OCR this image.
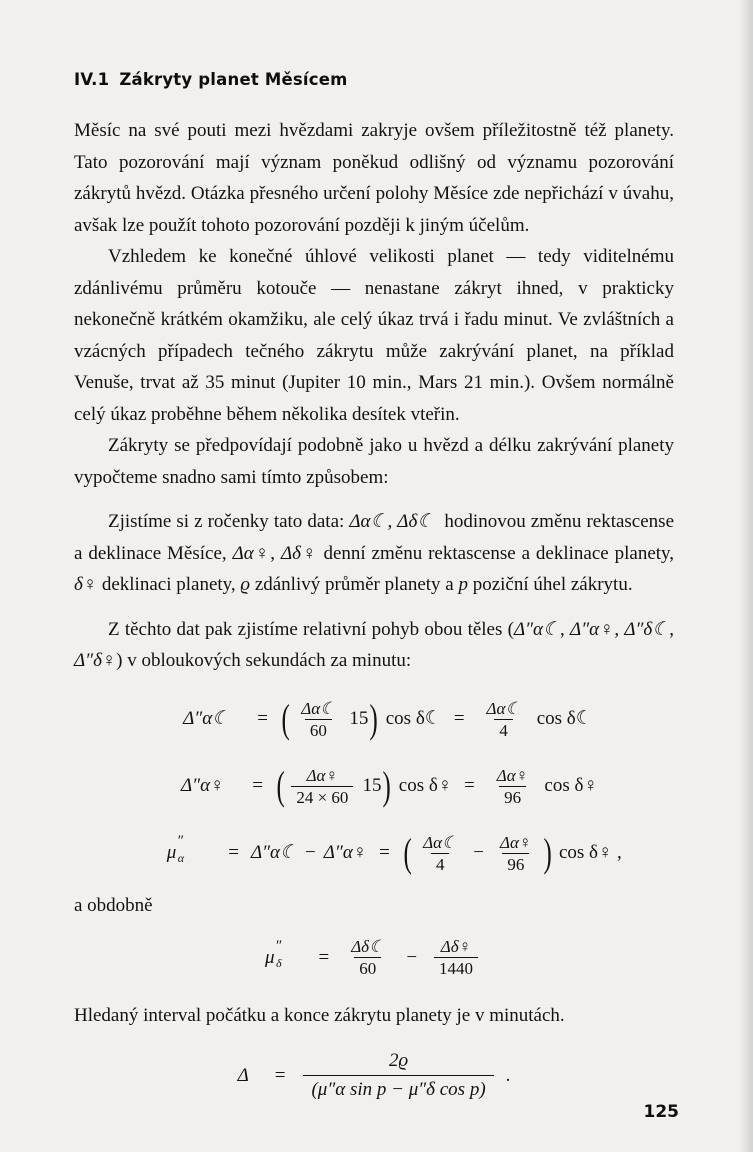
IV.1 Zákryty planet Měsícem

Měsíc na své pouti mezi hvězdami zakryje ovšem příležitostně též planety. Tato pozorování mají význam poněkud odlišný od významu pozorování zákrytů hvězd. Otázka přesného určení polohy Měsíce zde nepřichází v úvahu, avšak lze použít tohoto pozorování později k jiným účelům.

Vzhledem ke konečné úhlové velikosti planet — tedy viditelnému zdánlivému průměru kotouče — nenastane zákryt ihned, v prakticky nekonečně krátkém okamžiku, ale celý úkaz trvá i řadu minut. Ve zvláštních a vzácných případech tečného zákrytu může zakrývání planet, na příklad Venuše, trvat až 35 minut (Jupiter 10 min., Mars 21 min.). Ovšem normálně celý úkaz proběhne během několika desítek vteřin.

Zákryty se předpovídají podobně jako u hvězd a délku zakrývání planety vypočteme snadno sami tímto způsobem:

Zjistíme si z ročenky tato data: Δα☾, Δδ☾ hodinovou změnu rektascense a deklinace Měsíce, Δα♀, Δδ♀ denní změnu rektascense a deklinace planety, δ♀ deklinaci planety, ϱ zdánlivý průměr planety a p poziční úhel zákrytu.

Z těchto dat pak zjistíme relativní pohyb obou těles (Δ″α☾, Δ″α♀, Δ″δ☾, Δ″δ♀) v obloukových sekundách za minutu:

Δ″α☾	= ( $\frac{\Delta\alpha☾}{60} 15$ ) cos δ☾ =	$\frac{\Delta\alpha☾}{4}$ cos δ☾
Δ″α♀	= ( $\frac{\Delta\alpha♀}{24 \times 60} 15$ ) cos δ♀ =	$\frac{\Delta\alpha♀}{96}$ cos δ♀
μ
″
α	= Δ″α☾ − Δ″α♀ = ( $\frac{\Delta\alpha☾}{4} - \frac{\Delta\alpha♀}{96}$ ) cos δ♀ ,

a obdobně

μ
″
δ	=	$\frac{\Delta\delta☾}{60} - \frac{\Delta\delta♀}{1440}$

Hledaný interval počátku a konce zákrytu planety je v minutách.

Δ	= $\frac{2ϱ}{\text{(μ″α sin p − μ″δ cos p)}}$ .
125
